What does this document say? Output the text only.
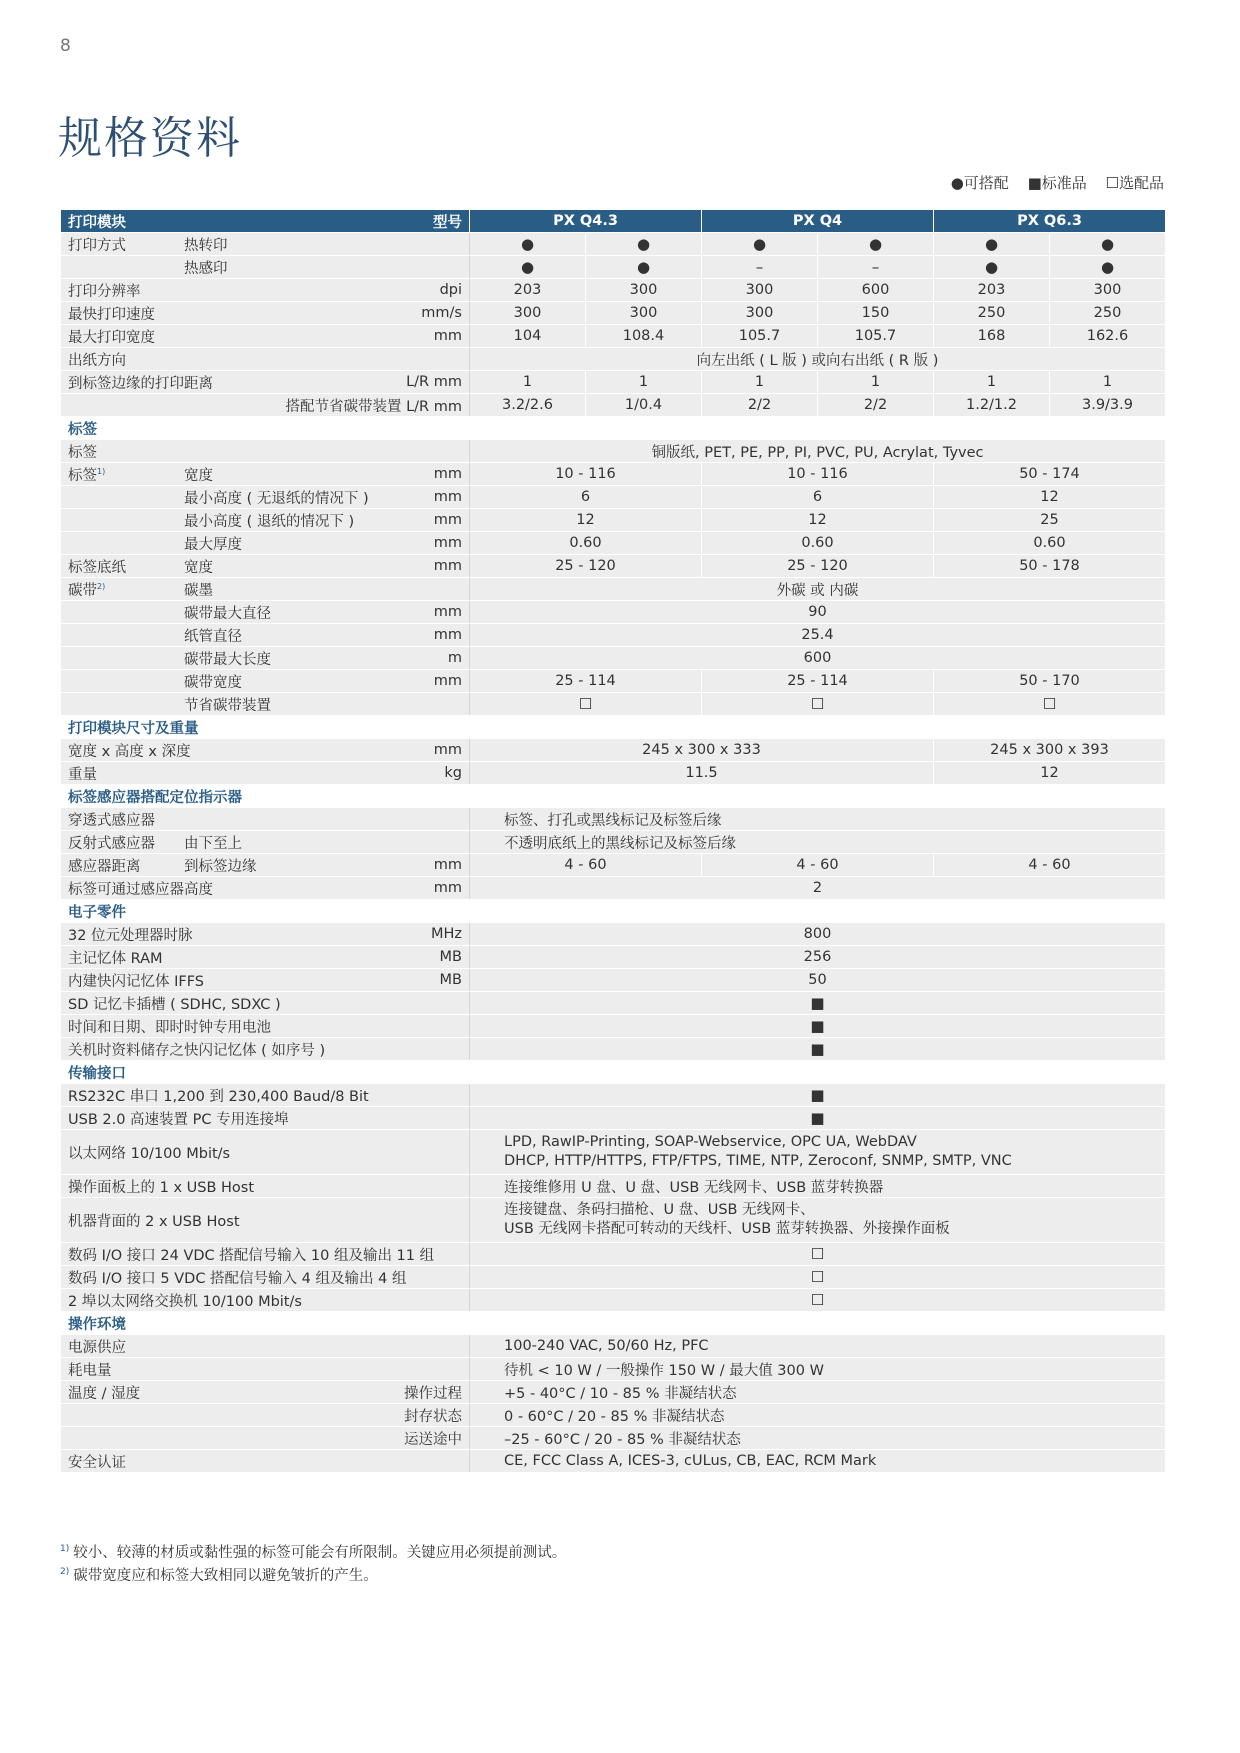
8
规格资料
●可搭配 ■标准品 ☐选配品
打印模块 型号	PX Q4.3		PX Q4		PX Q6.3	

打印方式 热转印	●	●	●	●	●	●

热感印	●	●	–	–	●	●

打印分辨率 dpi	203	300	300	600	203	300

最快打印速度 mm/s	300	300	300	150	250	250

最大打印宽度 mm	104	108.4	105.7	105.7	168	162.6

出纸方向	向左出纸 ( L 版 ) 或向右出纸 ( R 版 )					

到标签边缘的打印距离 L/R mm	1	1	1	1	1	1

搭配节省碳带装置 L/R mm	3.2/2.6	1/0.4	2/2	2/2	1.2/1.2	3.9/3.9
标签						

标签	铜版纸, PET, PE, PP, PI, PVC, PU, Acrylat, Tyvec					

标签$^{1)}$ 宽度 mm	10 - 116		10 - 116		50 - 174	

最小高度 ( 无退纸的情况下 ) mm	6		6		12	

最小高度 ( 退纸的情况下 ) mm	12		12		25	

最大厚度 mm	0.60		0.60		0.60	

标签底纸 宽度 mm	25 - 120		25 - 120		50 - 178	

碳带$^{2)}$ 碳墨	外碳 或 内碳					

碳带最大直径 mm	90					

纸管直径 mm	25.4					

碳带最大长度 m	600					

碳带宽度 mm	25 - 114		25 - 114		50 - 170	

节省碳带装置	☐		☐		☐	
打印模块尺寸及重量						

宽度 x 高度 x 深度 mm	245 x 300 x 333				245 x 300 x 393	

重量 kg	11.5				12	
标签感应器搭配定位指示器						

穿透式感应器	标签、打孔或黑线标记及标签后缘					

反射式感应器 由下至上	不透明底纸上的黑线标记及标签后缘					

感应器距离 到标签边缘 mm	4 - 60		4 - 60		4 - 60	

标签可通过感应器高度 mm	2					
电子零件						

32 位元处理器时脉 MHz	800					

主记忆体 RAM MB	256					

内建快闪记忆体 IFFS MB	50					

SD 记忆卡插槽 ( SDHC, SDXC )	■					

时间和日期、即时时钟专用电池	■					

关机时资料储存之快闪记忆体 ( 如序号 )	■					
传输接口						

RS232C 串口 1,200 到 230,400 Baud/8 Bit	■					

USB 2.0 高速装置 PC 专用连接埠	■					

以太网络 10/100 Mbit/s	LPD, RawIP-Printing, SOAP-Webservice, OPC UA, WebDAV
DHCP, HTTP/HTTPS, FTP/FTPS, TIME, NTP, Zeroconf, SNMP, SMTP, VNC					

操作面板上的 1 x USB Host	连接维修用 U 盘、U 盘、USB 无线网卡、USB 蓝芽转换器					

机器背面的 2 x USB Host	连接键盘、条码扫描枪、U 盘、USB 无线网卡、
USB 无线网卡搭配可转动的天线杆、USB 蓝芽转换器、外接操作面板					

数码 I/O 接口 24 VDC 搭配信号输入 10 组及输出 11 组	☐					

数码 I/O 接口 5 VDC 搭配信号输入 4 组及输出 4 组	☐					

2 埠以太网络交换机 10/100 Mbit/s	☐					
操作环境						

电源供应	100-240 VAC, 50/60 Hz, PFC					

耗电量	待机 < 10 W / 一般操作 150 W / 最大值 300 W					

温度 / 湿度 操作过程	+5 - 40°C / 10 - 85 % 非凝结状态					

封存状态	0 - 60°C / 20 - 85 % 非凝结状态					

运送途中	–25 - 60°C / 20 - 85 % 非凝结状态					

安全认证	CE, FCC Class A, ICES-3, cULus, CB, EAC, RCM Mark					
$^{1)}$ 较小、较薄的材质或黏性强的标签可能会有所限制。关键应用必须提前测试。
$^{2)}$ 碳带宽度应和标签大致相同以避免皱折的产生。
